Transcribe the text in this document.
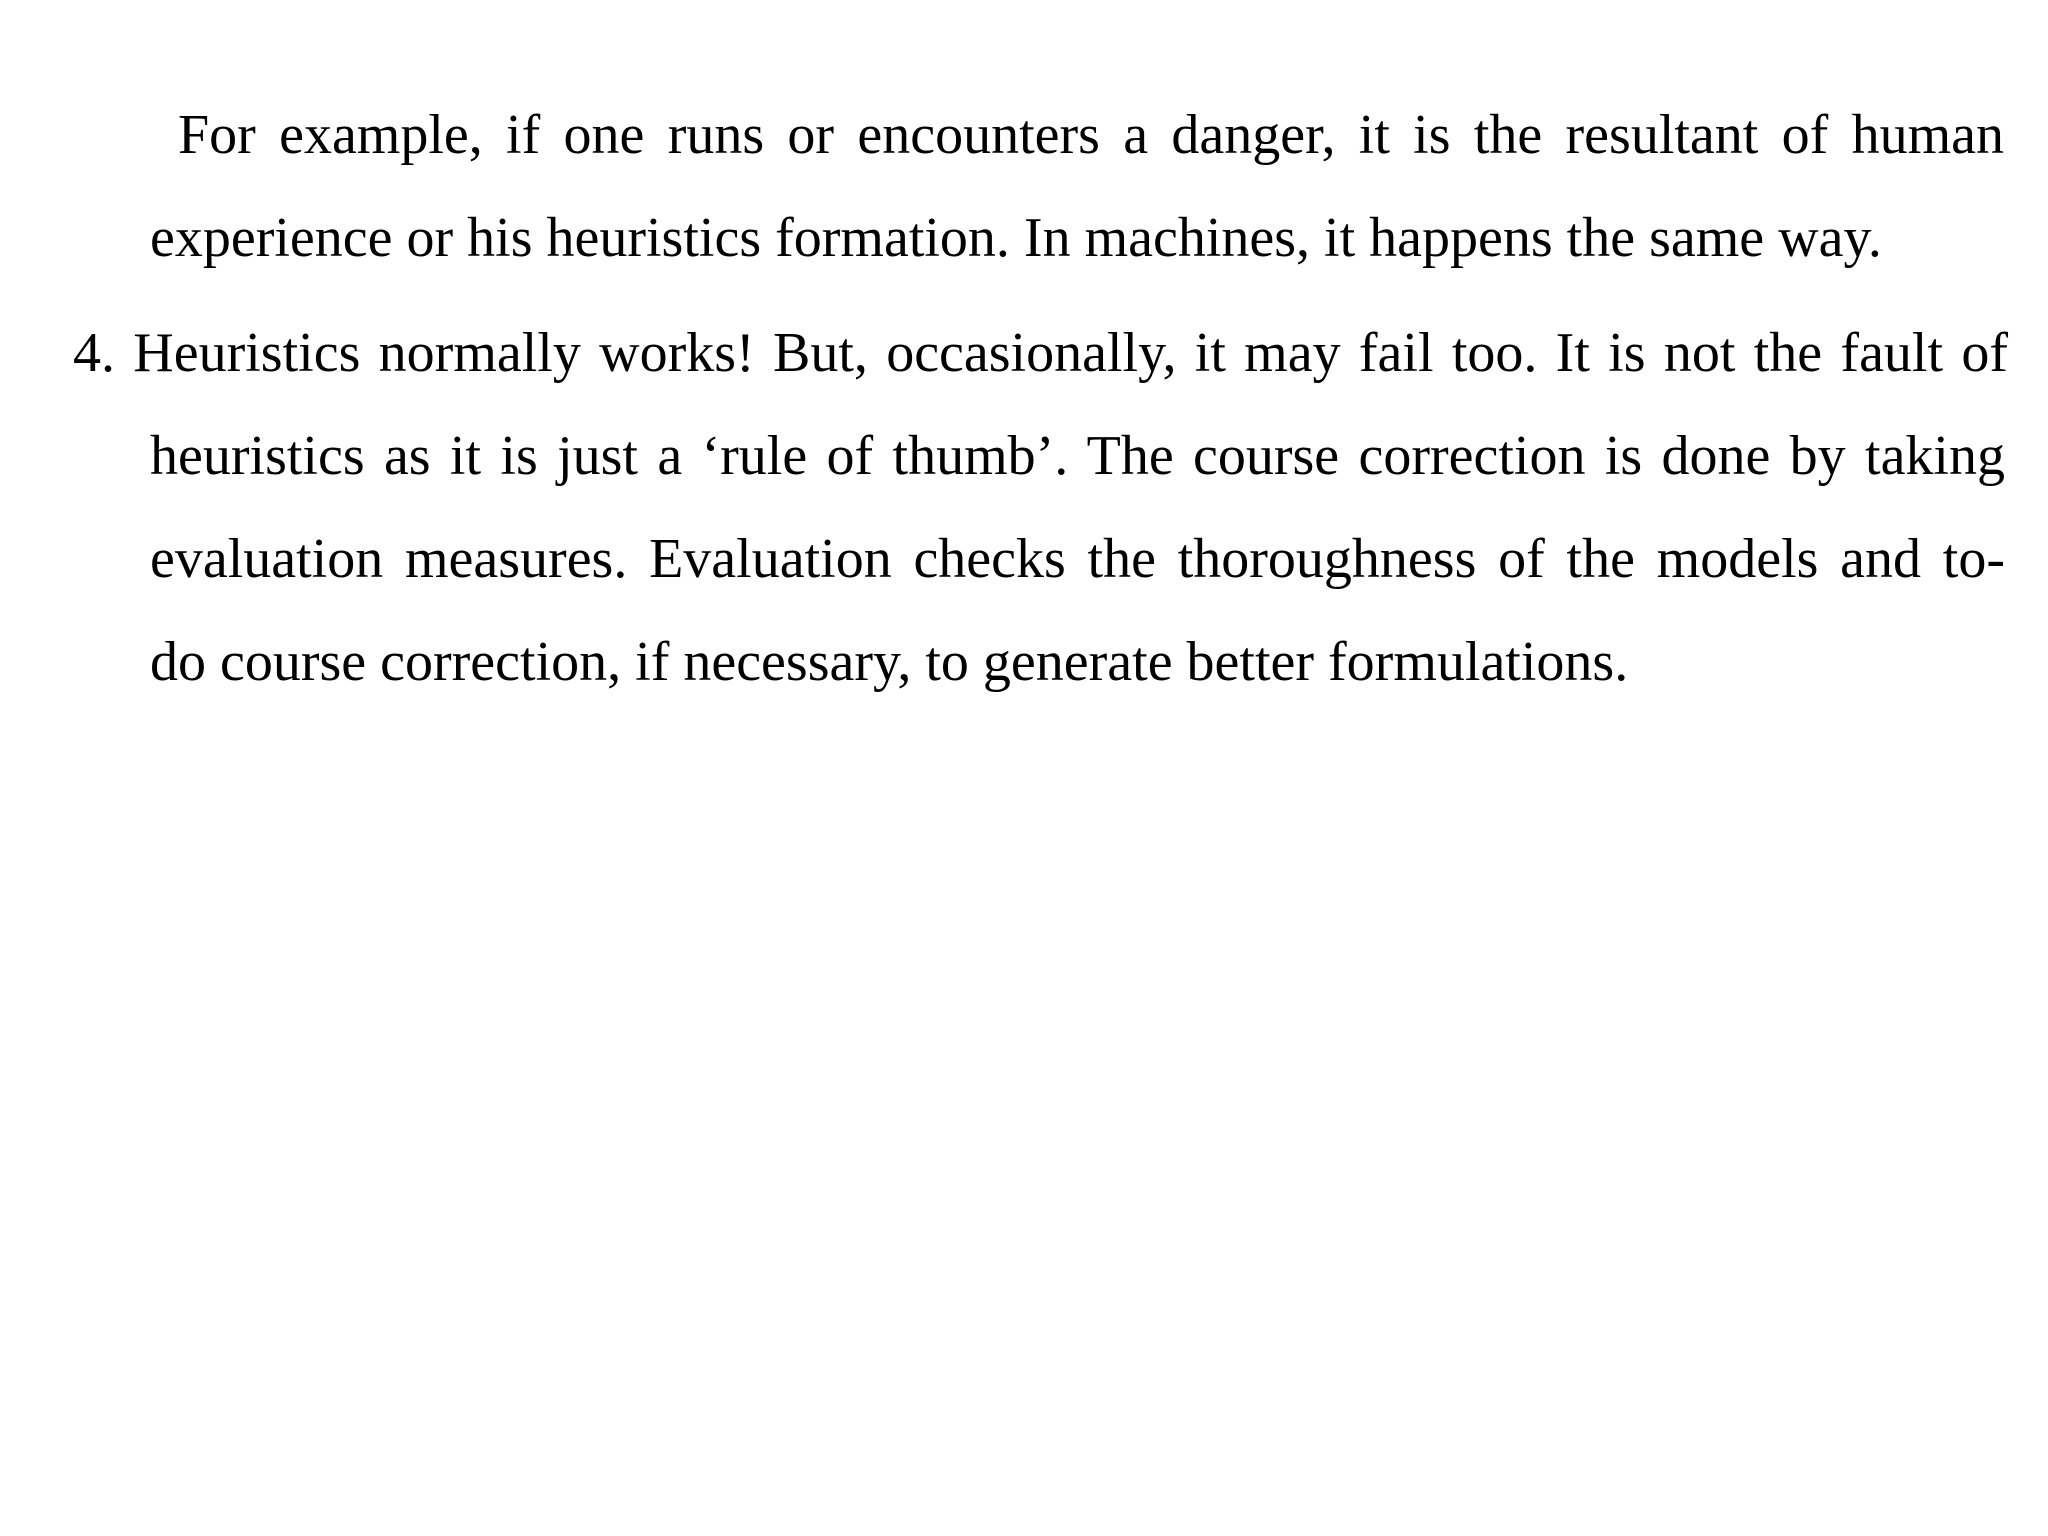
For example, if one runs or encounters a danger, it is the resultant of human
experience or his heuristics formation. In machines, it happens the same way.
4. Heuristics normally works! But, occasionally, it may fail too. It is not the fault of
heuristics as it is just a ‘rule of thumb’. The course correction is done by taking
evaluation measures. Evaluation checks the thoroughness of the models and to-
do course correction, if necessary, to generate better formulations.
